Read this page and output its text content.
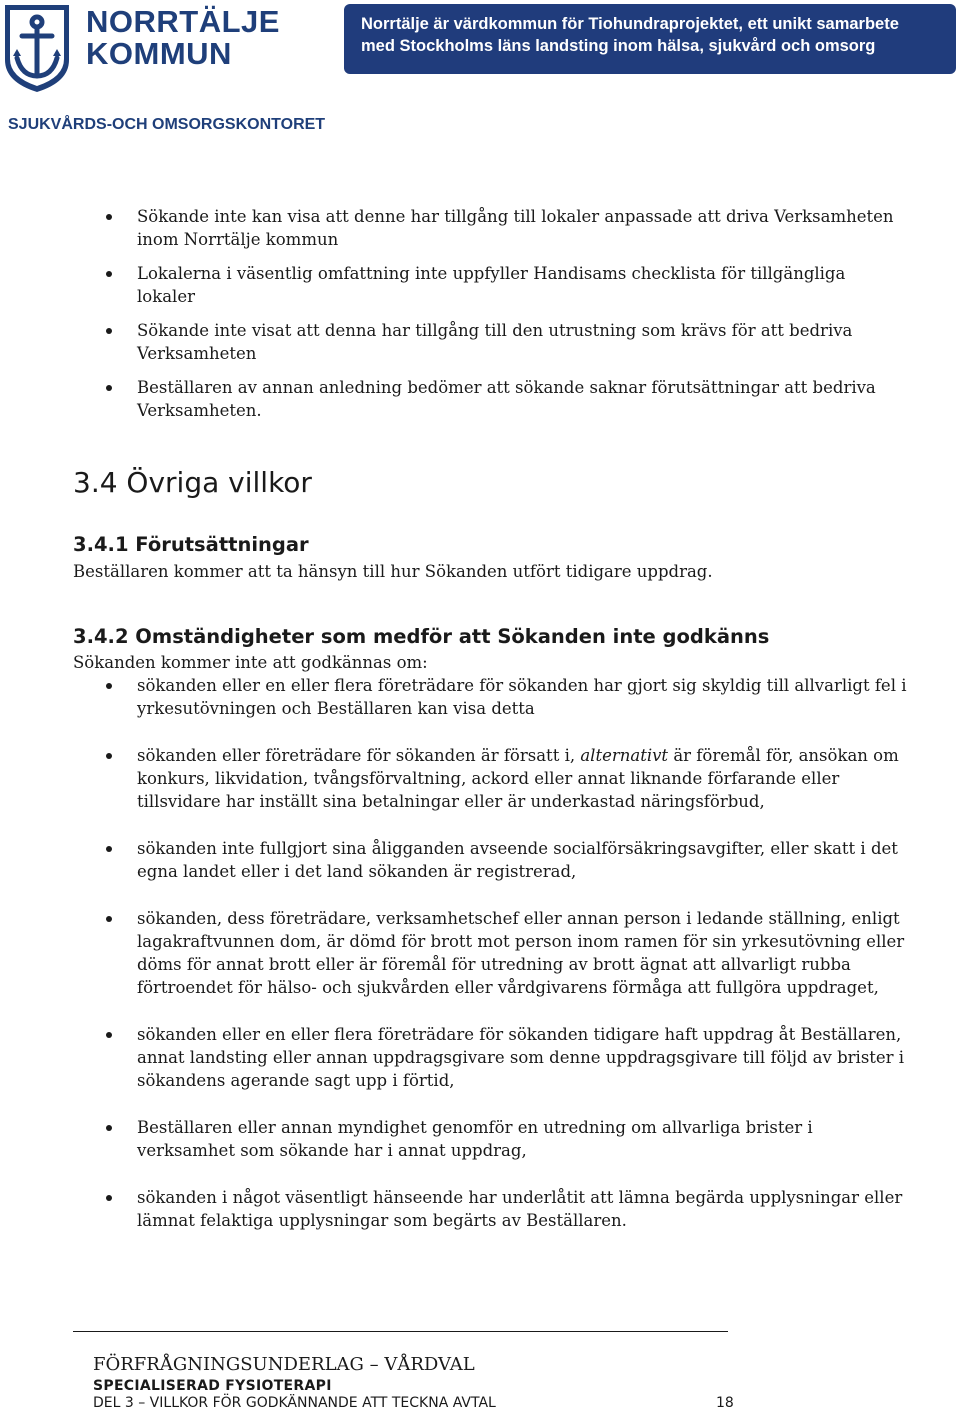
NORRTÄLJE
KOMMUN
Norrtälje är värdkommun för Tiohundraprojektet, ett unikt samarbete
med Stockholms läns landsting inom hälsa, sjukvård och omsorg
SJUKVÅRDS-OCH OMSORGSKONTORET
Sökande inte kan visa att denne har tillgång till lokaler anpassade att driva Verksamheten inom Norrtälje kommun
Lokalerna i väsentlig omfattning inte uppfyller Handisams checklista för tillgängliga lokaler
Sökande inte visat att denna har tillgång till den utrustning som krävs för att bedriva Verksamheten
Beställaren av annan anledning bedömer att sökande saknar förutsättningar att bedriva Verksamheten.
3.4 Övriga villkor
3.4.1 Förutsättningar
Beställaren kommer att ta hänsyn till hur Sökanden utfört tidigare uppdrag.
3.4.2 Omständigheter som medför att Sökanden inte godkänns
Sökanden kommer inte att godkännas om:
sökanden eller en eller flera företrädare för sökanden har gjort sig skyldig till allvarligt fel i yrkesutövningen och Beställaren kan visa detta
sökanden eller företrädare för sökanden är försatt i, alternativt är föremål för, ansökan om konkurs, likvidation, tvångsförvaltning, ackord eller annat liknande förfarande eller tillsvidare har inställt sina betalningar eller är underkastad näringsförbud,
sökanden inte fullgjort sina åligganden avseende socialförsäkringsavgifter, eller skatt i det egna landet eller i det land sökanden är registrerad,
sökanden, dess företrädare, verksamhetschef eller annan person i ledande ställning, enligt lagakraftvunnen dom, är dömd för brott mot person inom ramen för sin yrkesutövning eller döms för annat brott eller är föremål för utredning av brott ägnat att allvarligt rubba förtroendet för hälso- och sjukvården eller vårdgivarens förmåga att fullgöra uppdraget,
sökanden eller en eller flera företrädare för sökanden tidigare haft uppdrag åt Beställaren, annat landsting eller annan uppdragsgivare som denne uppdragsgivare till följd av brister i sökandens agerande sagt upp i förtid,
Beställaren eller annan myndighet genomför en utredning om allvarliga brister i verksamhet som sökande har i annat uppdrag,
sökanden i något väsentligt hänseende har underlåtit att lämna begärda upplysningar eller lämnat felaktiga upplysningar som begärts av Beställaren.
FÖRFRÅGNINGSUNDERLAG – VÅRDVAL
SPECIALISERAD FYSIOTERAPI
DEL 3 – VILLKOR FÖR GODKÄNNANDE ATT TECKNA AVTAL	18
